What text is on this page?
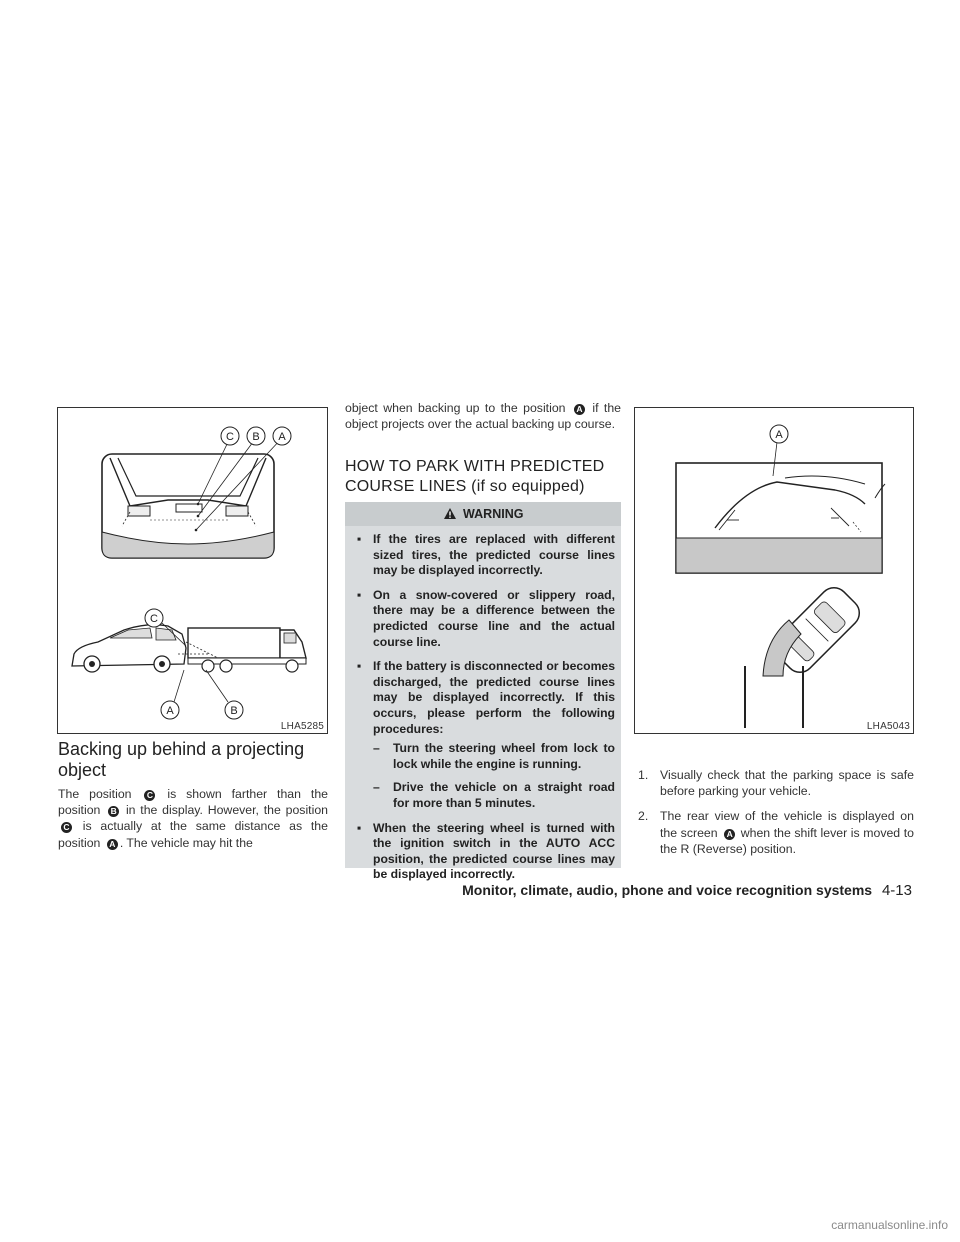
C B A
C
A	B
LHA5285
A
LHA5043
Backing up behind a projecting object
The position C is shown farther than the position B in the display. However, the position C is actually at the same distance as the position A . The vehicle may hit the
object when backing up to the position A if the object projects over the actual backing up course.
HOW TO PARK WITH PREDICTED COURSE LINES (if so equipped)
WARNING
▪ If the tires are replaced with different sized tires, the predicted course lines may be displayed incorrectly.
▪ On a snow-covered or slippery road, there may be a difference between the predicted course line and the actual course line.
▪ If the battery is disconnected or becomes discharged, the predicted course lines may be displayed incorrectly. If this occurs, please perform the following procedures:
– Turn the steering wheel from lock to lock while the engine is running.
– Drive the vehicle on a straight road for more than 5 minutes.
▪ When the steering wheel is turned with the ignition switch in the AUTO ACC position, the predicted course lines may be displayed incorrectly.
1. Visually check that the parking space is safe before parking your vehicle.
2. The rear view of the vehicle is displayed on the screen A when the shift lever is moved to the R (Reverse) position.
Monitor, climate, audio, phone and voice recognition systems 4-13
carmanualsonline.info
